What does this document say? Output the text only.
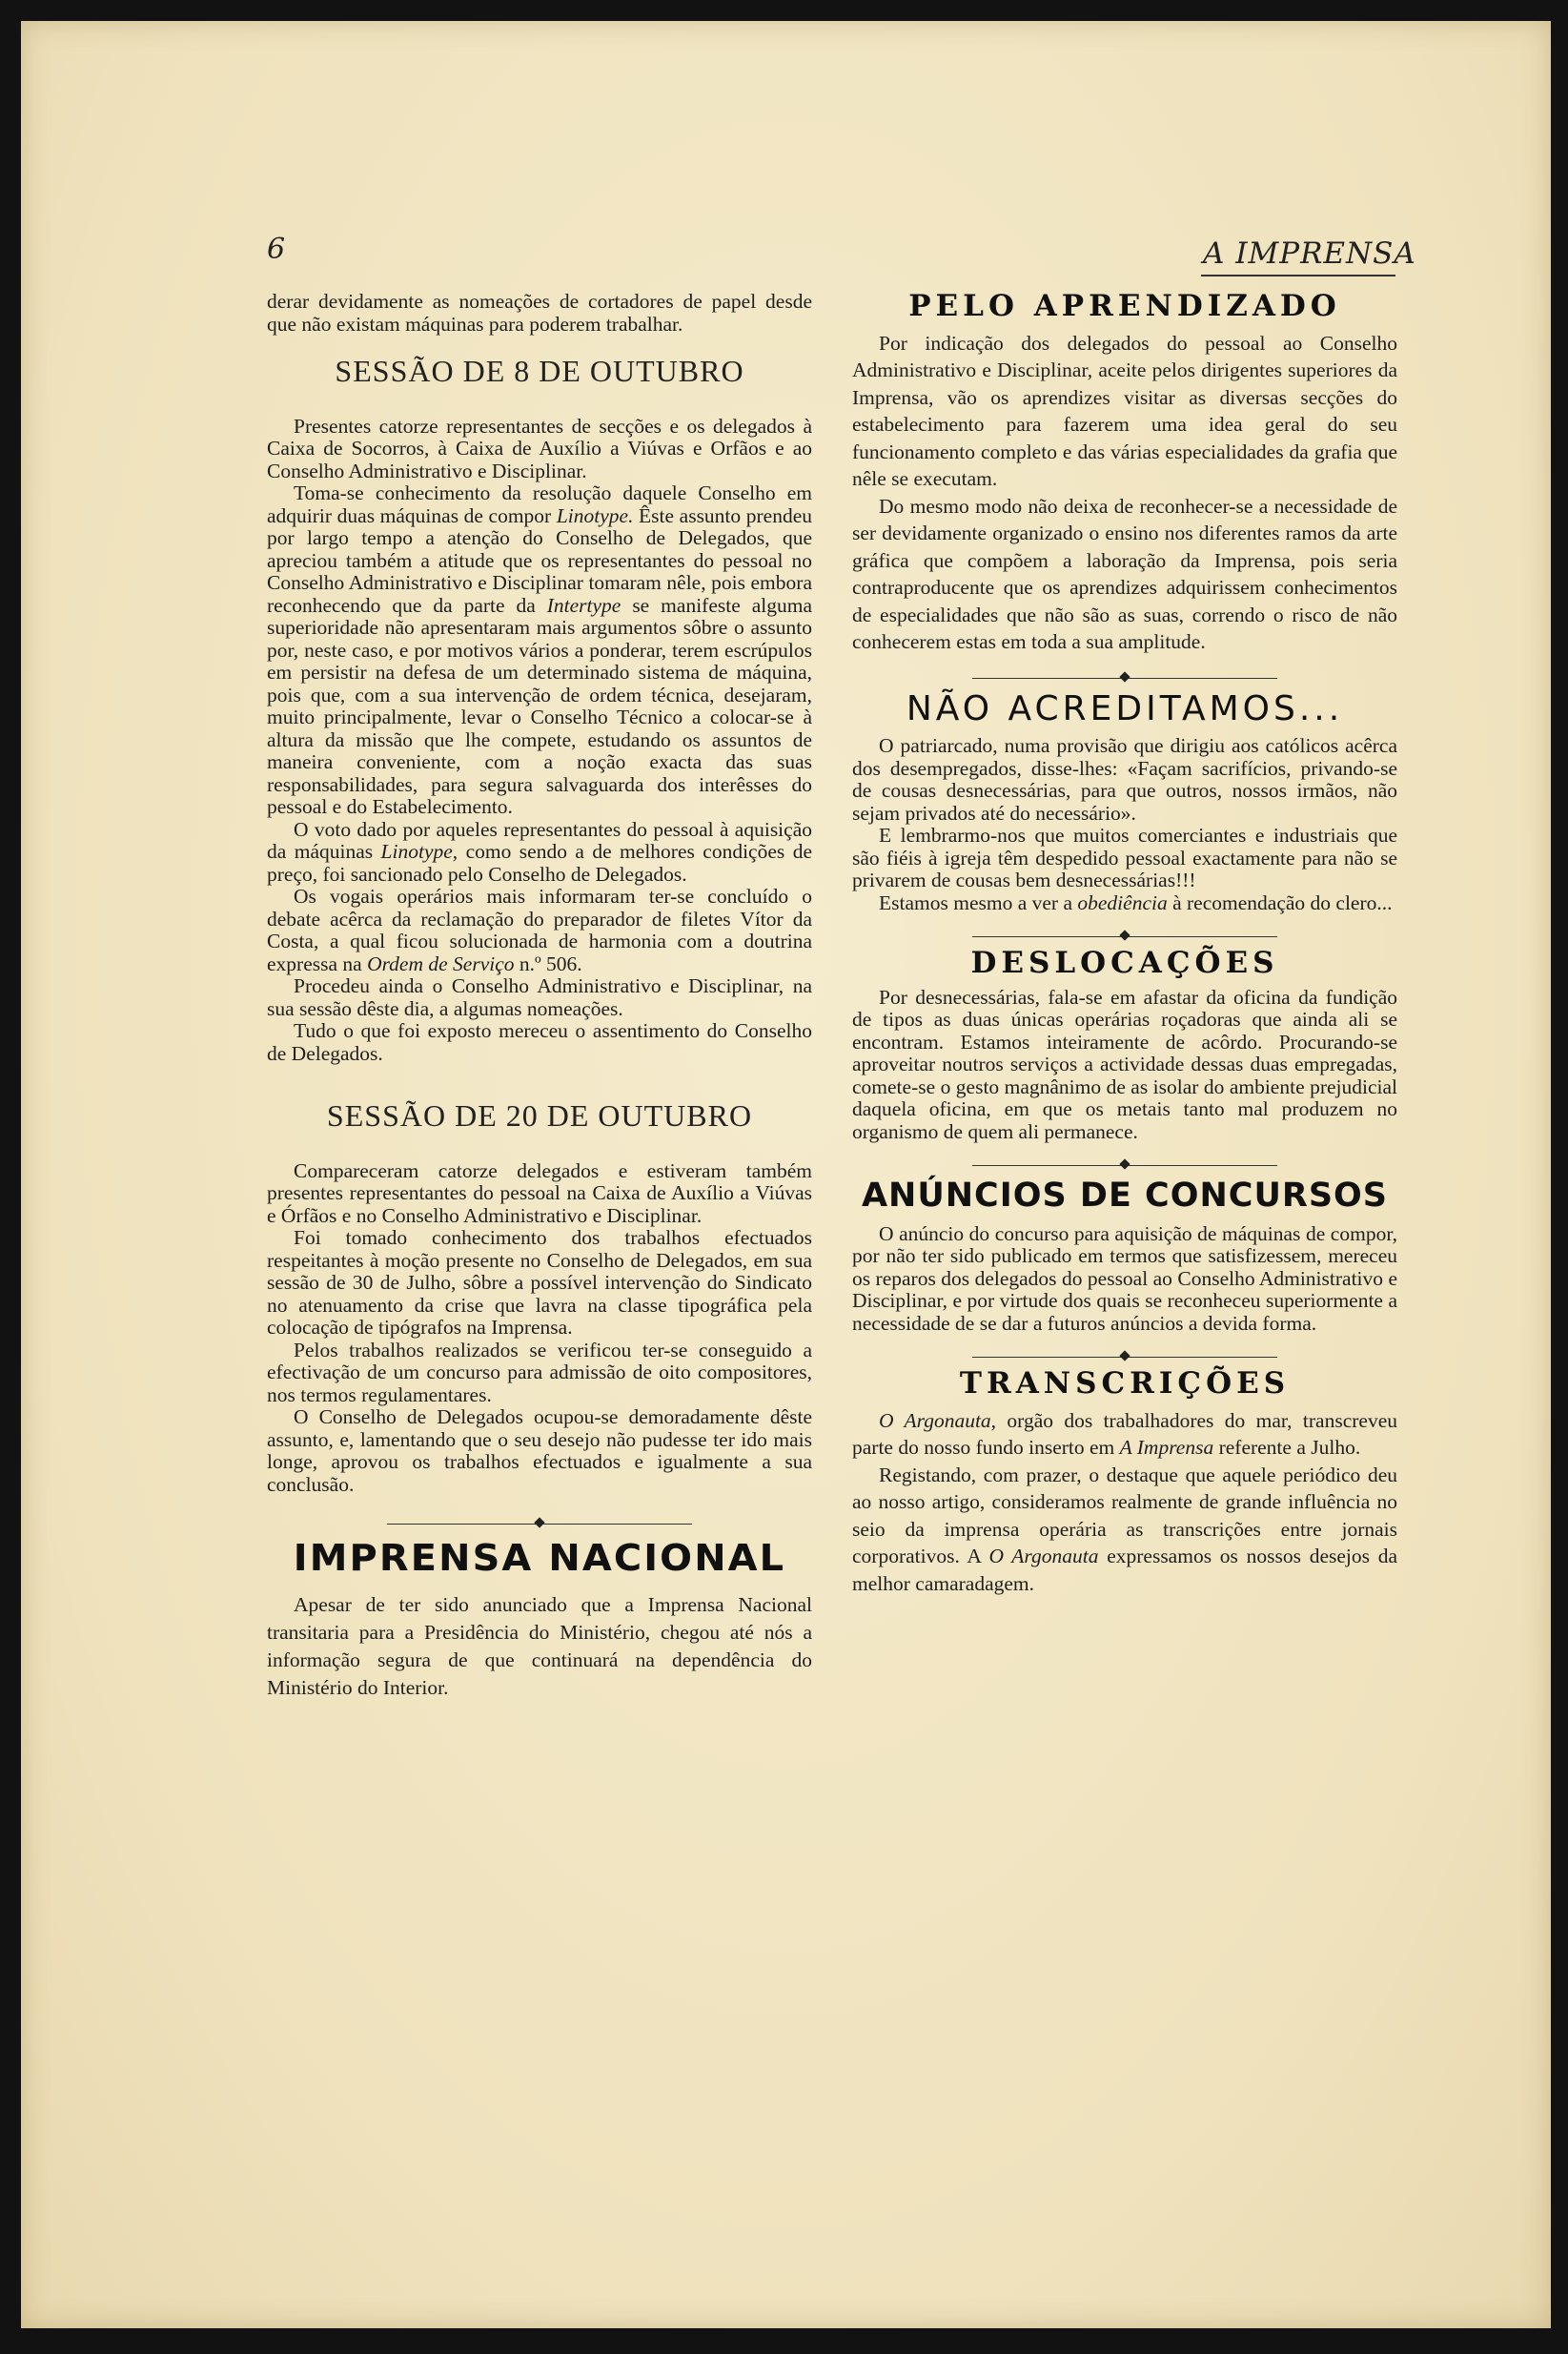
6	A IMPRENSA

derar devidamente as nomeações de cortadores de papel desde que não existam máquinas para poderem trabalhar.

SESSÃO DE 8 DE OUTUBRO

Presentes catorze representantes de secções e os delegados à Caixa de Socorros, à Caixa de Auxílio a Viúvas e Orfãos e ao Conselho Administrativo e Disciplinar.

Toma-se conhecimento da resolução daquele Conselho em adquirir duas máquinas de compor Linotype. Êste assunto prendeu por largo tempo a atenção do Conselho de Delegados, que apreciou também a atitude que os representantes do pessoal no Conselho Administrativo e Disciplinar tomaram nêle, pois embora reconhecendo que da parte da Intertype se manifeste alguma superioridade não apresentaram mais argumentos sôbre o assunto por, neste caso, e por motivos vários a ponderar, terem escrúpulos em persistir na defesa de um determinado sistema de máquina, pois que, com a sua intervenção de ordem técnica, desejaram, muito principalmente, levar o Conselho Técnico a colocar-se à altura da missão que lhe compete, estudando os assuntos de maneira conveniente, com a noção exacta das suas responsabilidades, para segura salvaguarda dos interêsses do pessoal e do Estabelecimento.

O voto dado por aqueles representantes do pessoal à aquisição da máquinas Linotype, como sendo a de melhores condições de preço, foi sancionado pelo Conselho de Delegados.

Os vogais operários mais informaram ter-se concluído o debate acêrca da reclamação do preparador de filetes Vítor da Costa, a qual ficou solucionada de harmonia com a doutrina expressa na Ordem de Serviço n.º 506.

Procedeu ainda o Conselho Administrativo e Disciplinar, na sua sessão dêste dia, a algumas nomeações.

Tudo o que foi exposto mereceu o assentimento do Conselho de Delegados.

SESSÃO DE 20 DE OUTUBRO

Compareceram catorze delegados e estiveram também presentes representantes do pessoal na Caixa de Auxílio a Viúvas e Órfãos e no Conselho Administrativo e Disciplinar.

Foi tomado conhecimento dos trabalhos efectuados respeitantes à moção presente no Conselho de Delegados, em sua sessão de 30 de Julho, sôbre a possível intervenção do Sindicato no atenuamento da crise que lavra na classe tipográfica pela colocação de tipógrafos na Imprensa.

Pelos trabalhos realizados se verificou ter-se conseguido a efectivação de um concurso para admissão de oito compositores, nos termos regulamentares.

O Conselho de Delegados ocupou-se demoradamente dêste assunto, e, lamentando que o seu desejo não pudesse ter ido mais longe, aprovou os trabalhos efectuados e igualmente a sua conclusão.

IMPRENSA NACIONAL

Apesar de ter sido anunciado que a Imprensa Nacional transitaria para a Presidência do Ministério, chegou até nós a informação segura de que continuará na dependência do Ministério do Interior.

PELO APRENDIZADO

Por indicação dos delegados do pessoal ao Conselho Administrativo e Disciplinar, aceite pelos dirigentes superiores da Imprensa, vão os aprendizes visitar as diversas secções do estabelecimento para fazerem uma idea geral do seu funcionamento completo e das várias especialidades da grafia que nêle se executam.

Do mesmo modo não deixa de reconhecer-se a necessidade de ser devidamente organizado o ensino nos diferentes ramos da arte gráfica que compõem a laboração da Imprensa, pois seria contraproducente que os aprendizes adquirissem conhecimentos de especialidades que não são as suas, correndo o risco de não conhecerem estas em toda a sua amplitude.

NÃO ACREDITAMOS...

O patriarcado, numa provisão que dirigiu aos católicos acêrca dos desempregados, disse-lhes: «Façam sacrifícios, privando-se de cousas desnecessárias, para que outros, nossos irmãos, não sejam privados até do necessário».

E lembrarmo-nos que muitos comerciantes e industriais que são fiéis à igreja têm despedido pessoal exactamente para não se privarem de cousas bem desnecessárias!!!

Estamos mesmo a ver a obediência à recomendação do clero...

DESLOCAÇÕES

Por desnecessárias, fala-se em afastar da oficina da fundição de tipos as duas únicas operárias roçadoras que ainda ali se encontram. Estamos inteiramente de acôrdo. Procurando-se aproveitar noutros serviços a actividade dessas duas empregadas, comete-se o gesto magnânimo de as isolar do ambiente prejudicial daquela oficina, em que os metais tanto mal produzem no organismo de quem ali permanece.

ANÚNCIOS DE CONCURSOS

O anúncio do concurso para aquisição de máquinas de compor, por não ter sido publicado em termos que satisfizessem, mereceu os reparos dos delegados do pessoal ao Conselho Administrativo e Disciplinar, e por virtude dos quais se reconheceu superiormente a necessidade de se dar a futuros anúncios a devida forma.

TRANSCRIÇÕES

O Argonauta, orgão dos trabalhadores do mar, transcreveu parte do nosso fundo inserto em A Imprensa referente a Julho.

Registando, com prazer, o destaque que aquele periódico deu ao nosso artigo, consideramos realmente de grande influência no seio da imprensa operária as transcrições entre jornais corporativos. A O Argonauta expressamos os nossos desejos da melhor camaradagem.
